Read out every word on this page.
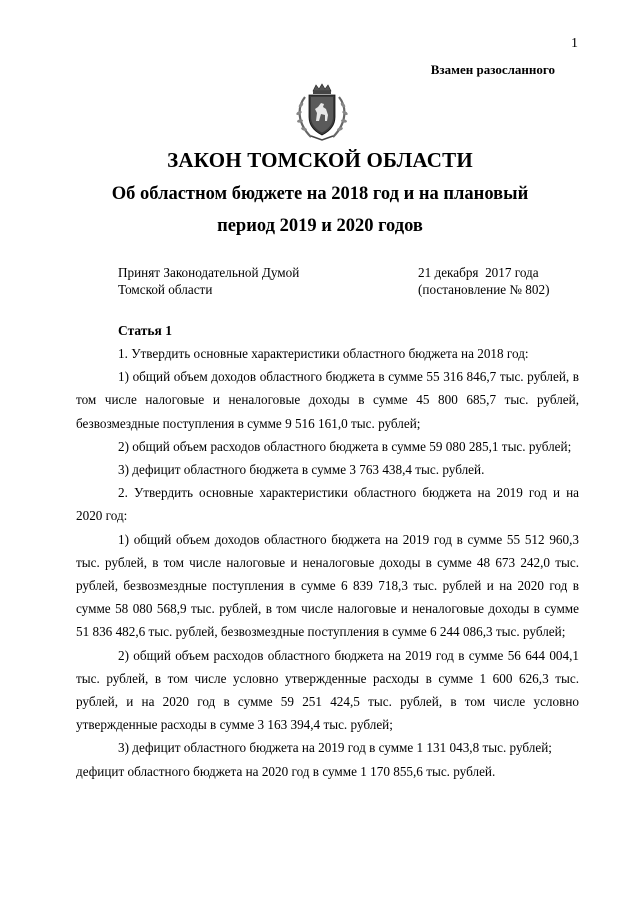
1
Взамен разосланного
ЗАКОН ТОМСКОЙ ОБЛАСТИ
Об областном бюджете на 2018 год и на плановый
период 2019 и 2020 годов
Принят Законодательной Думой
Томской области
21 декабря  2017 года
(постановление № 802)
Статья 1

1. Утвердить основные характеристики областного бюджета на 2018 год:

1) общий объем доходов областного бюджета в сумме 55 316 846,7 тыс. рублей, в том числе налоговые и неналоговые доходы в сумме 45 800 685,7 тыс. рублей, безвозмездные поступления в сумме 9 516 161,0 тыс. рублей;

2) общий объем расходов областного бюджета в сумме 59 080 285,1 тыс. рублей;

3) дефицит областного бюджета в сумме 3 763 438,4 тыс. рублей.

2. Утвердить основные характеристики областного бюджета на 2019 год и на 2020 год:

1) общий объем доходов областного бюджета на 2019 год в сумме 55 512 960,3 тыс. рублей, в том числе налоговые и неналоговые доходы в сумме 48 673 242,0 тыс. рублей, безвозмездные поступления в сумме 6 839 718,3 тыс. рублей и на 2020 год в сумме 58 080 568,9 тыс. рублей, в том числе налоговые и неналоговые доходы в сумме 51 836 482,6 тыс. рублей, безвозмездные поступления в сумме 6 244 086,3 тыс. рублей;

2) общий объем расходов областного бюджета на 2019 год в сумме 56 644 004,1 тыс. рублей, в том числе условно утвержденные расходы в сумме 1 600 626,3 тыс. рублей, и на 2020 год в сумме 59 251 424,5 тыс. рублей, в том числе условно утвержденные расходы в сумме 3 163 394,4 тыс. рублей;

3) дефицит областного бюджета на 2019 год в сумме 1 131 043,8 тыс. рублей;

дефицит областного бюджета на 2020 год в сумме 1 170 855,6 тыс. рублей.
